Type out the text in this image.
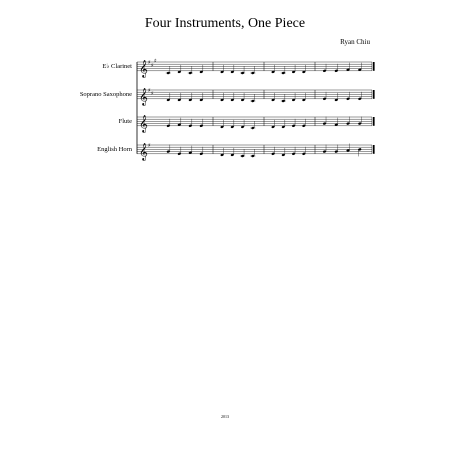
Four Instruments, One Piece
Ryan Chiu
E♭ Clarinet 𝄞 ♯
♯
♯
Soprano Saxophone 𝄞 ♯
♯
Flute 𝄞
English Horn 𝄞 ♯
2013
